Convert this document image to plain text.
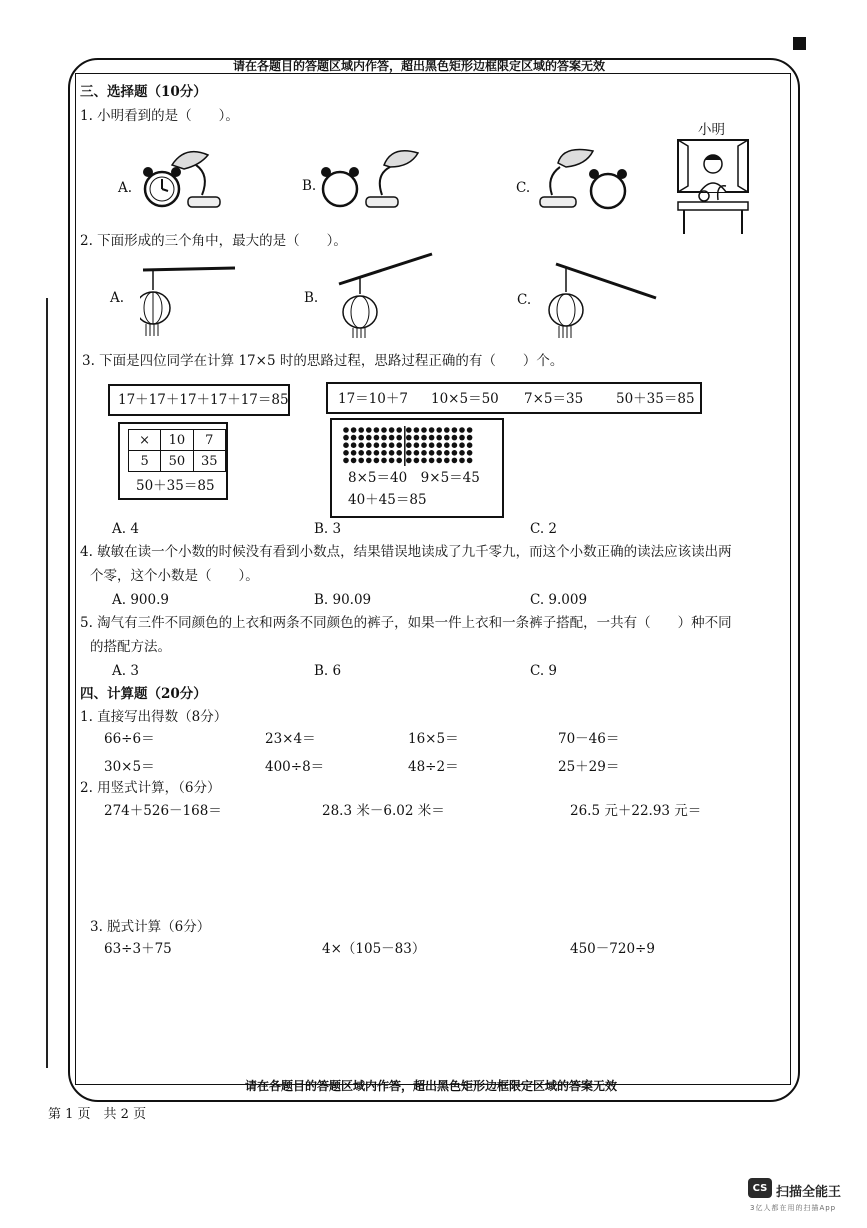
请在各题目的答题区域内作答，超出黑色矩形边框限定区域的答案无效
三、选择题（10分）
1. 小明看到的是（　　）。
A.	B.	C.
小明
2. 下面形成的三个角中，最大的是（　　）。
A.	B.	C.
3. 下面是四位同学在计算 17×5 时的思路过程，思路过程正确的有（　　）个。
17＋17＋17＋17＋17＝85	17＝10＋7 10×5＝50 7×5＝35 50＋35＝85
×	10	7
5	50	35
50＋35＝85	8×5＝40　9×5＝45
40＋45＝85
A. 4	B. 3	C. 2
4. 敏敏在读一个小数的时候没有看到小数点，结果错误地读成了九千零九，而这个小数正确的读法应该读出两
个零，这个小数是（　　）。
A. 900.9	B. 90.09	C. 9.009
5. 淘气有三件不同颜色的上衣和两条不同颜色的裤子，如果一件上衣和一条裤子搭配，一共有（　　）种不同
的搭配方法。
A. 3	B. 6	C. 9
四、计算题（20分）
1. 直接写出得数（8分）
66÷6＝	23×4＝	16×5＝	70－46＝
30×5＝	400÷8＝	48÷2＝	25＋29＝
2. 用竖式计算，（6分）
274＋526－168＝	28.3 米－6.02 米＝	26.5 元＋22.93 元＝
3. 脱式计算（6分）
63÷3＋75	4×（105－83）	450－720÷9
请在各题目的答题区域内作答，超出黑色矩形边框限定区域的答案无效
第 1 页　共 2 页
CS 扫描全能王
3亿人都在用的扫描App
